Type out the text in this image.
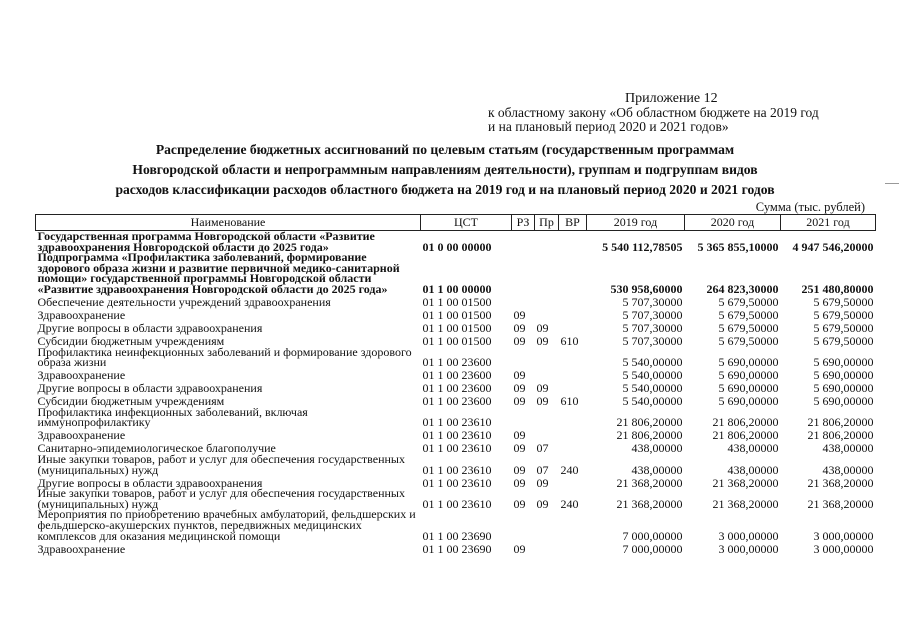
Приложение 12
к областному закону «Об областном бюджете на 2019 год
и на плановый период 2020 и 2021 годов»
Распределение бюджетных ассигнований по целевым статьям (государственным программам
Новгородской области и непрограммным направлениям деятельности), группам и подгруппам видов
расходов классификации расходов областного бюджета на 2019 год и на плановый период 2020 и 2021 годов
Сумма (тыс. рублей)
Наименование	ЦСТ	РЗ	Пр	ВР	2019 год	2020 год	2021 год
Государственная программа Новгородской области «Развитие здравоохранения Новгородской области до 2025 года»	01 0 00 00000				5 540 112,78505	5 365 855,10000	4 947 546,20000
Подпрограмма «Профилактика заболеваний, формирование здорового образа жизни и развитие первичной медико-санитарной помощи» государственной программы Новгородской области «Развитие здравоохранения Новгородской области до 2025 года»	01 1 00 00000				530 958,60000	264 823,30000	251 480,80000
Обеспечение деятельности учреждений здравоохранения	01 1 00 01500				5 707,30000	5 679,50000	5 679,50000
Здравоохранение	01 1 00 01500	09			5 707,30000	5 679,50000	5 679,50000
Другие вопросы в области здравоохранения	01 1 00 01500	09	09		5 707,30000	5 679,50000	5 679,50000
Субсидии бюджетным учреждениям	01 1 00 01500	09	09	610	5 707,30000	5 679,50000	5 679,50000
Профилактика неинфекционных заболеваний и формирование здорового образа жизни	01 1 00 23600				5 540,00000	5 690,00000	5 690,00000
Здравоохранение	01 1 00 23600	09			5 540,00000	5 690,00000	5 690,00000
Другие вопросы в области здравоохранения	01 1 00 23600	09	09		5 540,00000	5 690,00000	5 690,00000
Субсидии бюджетным учреждениям	01 1 00 23600	09	09	610	5 540,00000	5 690,00000	5 690,00000
Профилактика инфекционных заболеваний, включая иммунопрофилактику	01 1 00 23610				21 806,20000	21 806,20000	21 806,20000
Здравоохранение	01 1 00 23610	09			21 806,20000	21 806,20000	21 806,20000
Санитарно-эпидемиологическое благополучие	01 1 00 23610	09	07		438,00000	438,00000	438,00000
Иные закупки товаров, работ и услуг для обеспечения государственных (муниципальных) нужд	01 1 00 23610	09	07	240	438,00000	438,00000	438,00000
Другие вопросы в области здравоохранения	01 1 00 23610	09	09		21 368,20000	21 368,20000	21 368,20000
Иные закупки товаров, работ и услуг для обеспечения государственных (муниципальных) нужд	01 1 00 23610	09	09	240	21 368,20000	21 368,20000	21 368,20000
Мероприятия по приобретению врачебных амбулаторий, фельдшерских и фельдшерско-акушерских пунктов, передвижных медицинских комплексов для оказания медицинской помощи	01 1 00 23690				7 000,00000	3 000,00000	3 000,00000
Здравоохранение	01 1 00 23690	09			7 000,00000	3 000,00000	3 000,00000
